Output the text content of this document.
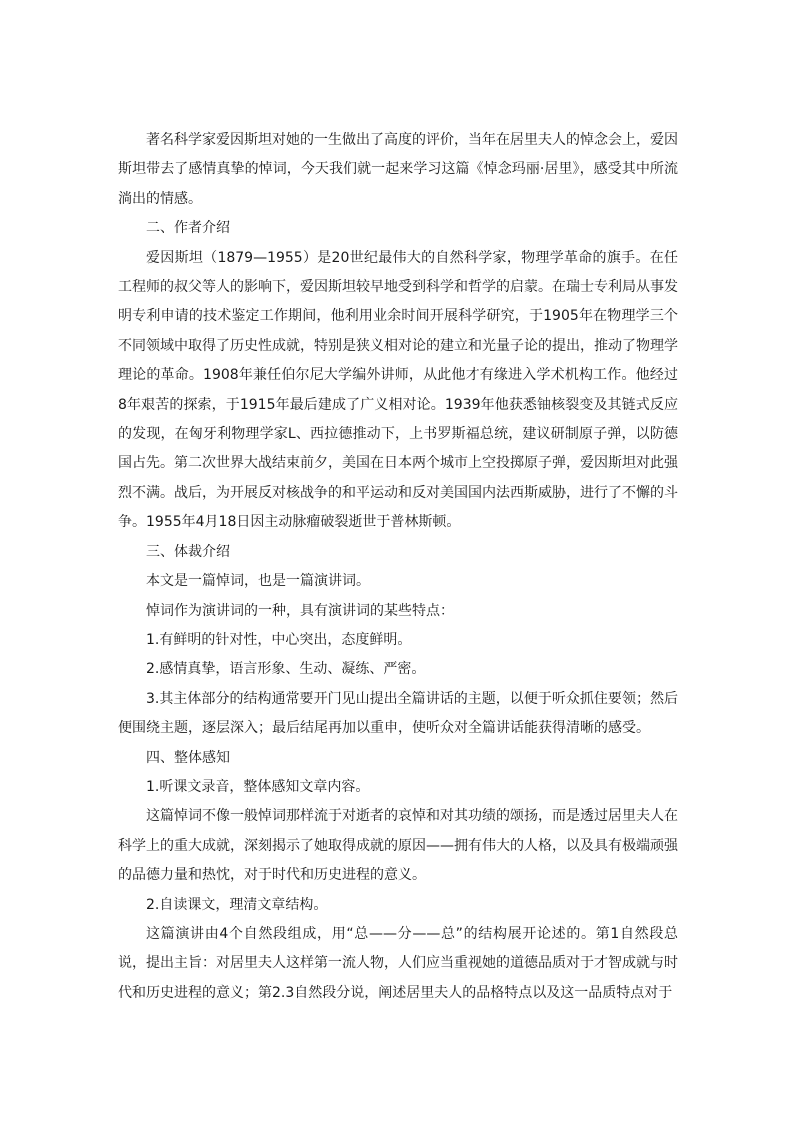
著名科学家爱因斯坦对她的一生做出了高度的评价，当年在居里夫人的悼念会上，爱因斯坦带去了感情真挚的悼词，今天我们就一起来学习这篇《悼念玛丽·居里》，感受其中所流淌出的情感。

二、作者介绍

爱因斯坦（1879—1955）是20世纪最伟大的自然科学家，物理学革命的旗手。在任工程师的叔父等人的影响下，爱因斯坦较早地受到科学和哲学的启蒙。在瑞士专利局从事发明专利申请的技术鉴定工作期间，他利用业余时间开展科学研究，于1905年在物理学三个不同领域中取得了历史性成就，特别是狭义相对论的建立和光量子论的提出，推动了物理学理论的革命。1908年兼任伯尔尼大学编外讲师，从此他才有缘进入学术机构工作。他经过8年艰苦的探索，于1915年最后建成了广义相对论。1939年他获悉铀核裂变及其链式反应的发现，在匈牙利物理学家L、西拉德推动下，上书罗斯福总统，建议研制原子弹，以防德国占先。第二次世界大战结束前夕，美国在日本两个城市上空投掷原子弹，爱因斯坦对此强烈不满。战后，为开展反对核战争的和平运动和反对美国国内法西斯威胁，进行了不懈的斗争。1955年4月18日因主动脉瘤破裂逝世于普林斯顿。

三、体裁介绍

本文是一篇悼词，也是一篇演讲词。

悼词作为演讲词的一种，具有演讲词的某些特点：

1.有鲜明的针对性，中心突出，态度鲜明。

2.感情真挚，语言形象、生动、凝练、严密。

3.其主体部分的结构通常要开门见山提出全篇讲话的主题，以便于听众抓住要领；然后便围绕主题，逐层深入；最后结尾再加以重申，使听众对全篇讲话能获得清晰的感受。

四、整体感知

1.听课文录音，整体感知文章内容。

这篇悼词不像一般悼词那样流于对逝者的哀悼和对其功绩的颂扬，而是透过居里夫人在科学上的重大成就，深刻揭示了她取得成就的原因——拥有伟大的人格，以及具有极端顽强的品德力量和热忱，对于时代和历史进程的意义。

2.自读课文，理清文章结构。

这篇演讲由4个自然段组成，用“总——分——总”的结构展开论述的。第1自然段总说，提出主旨：对居里夫人这样第一流人物，人们应当重视她的道德品质对于才智成就与时代和历史进程的意义；第2.3自然段分说，阐述居里夫人的品格特点以及这一品质特点对于
